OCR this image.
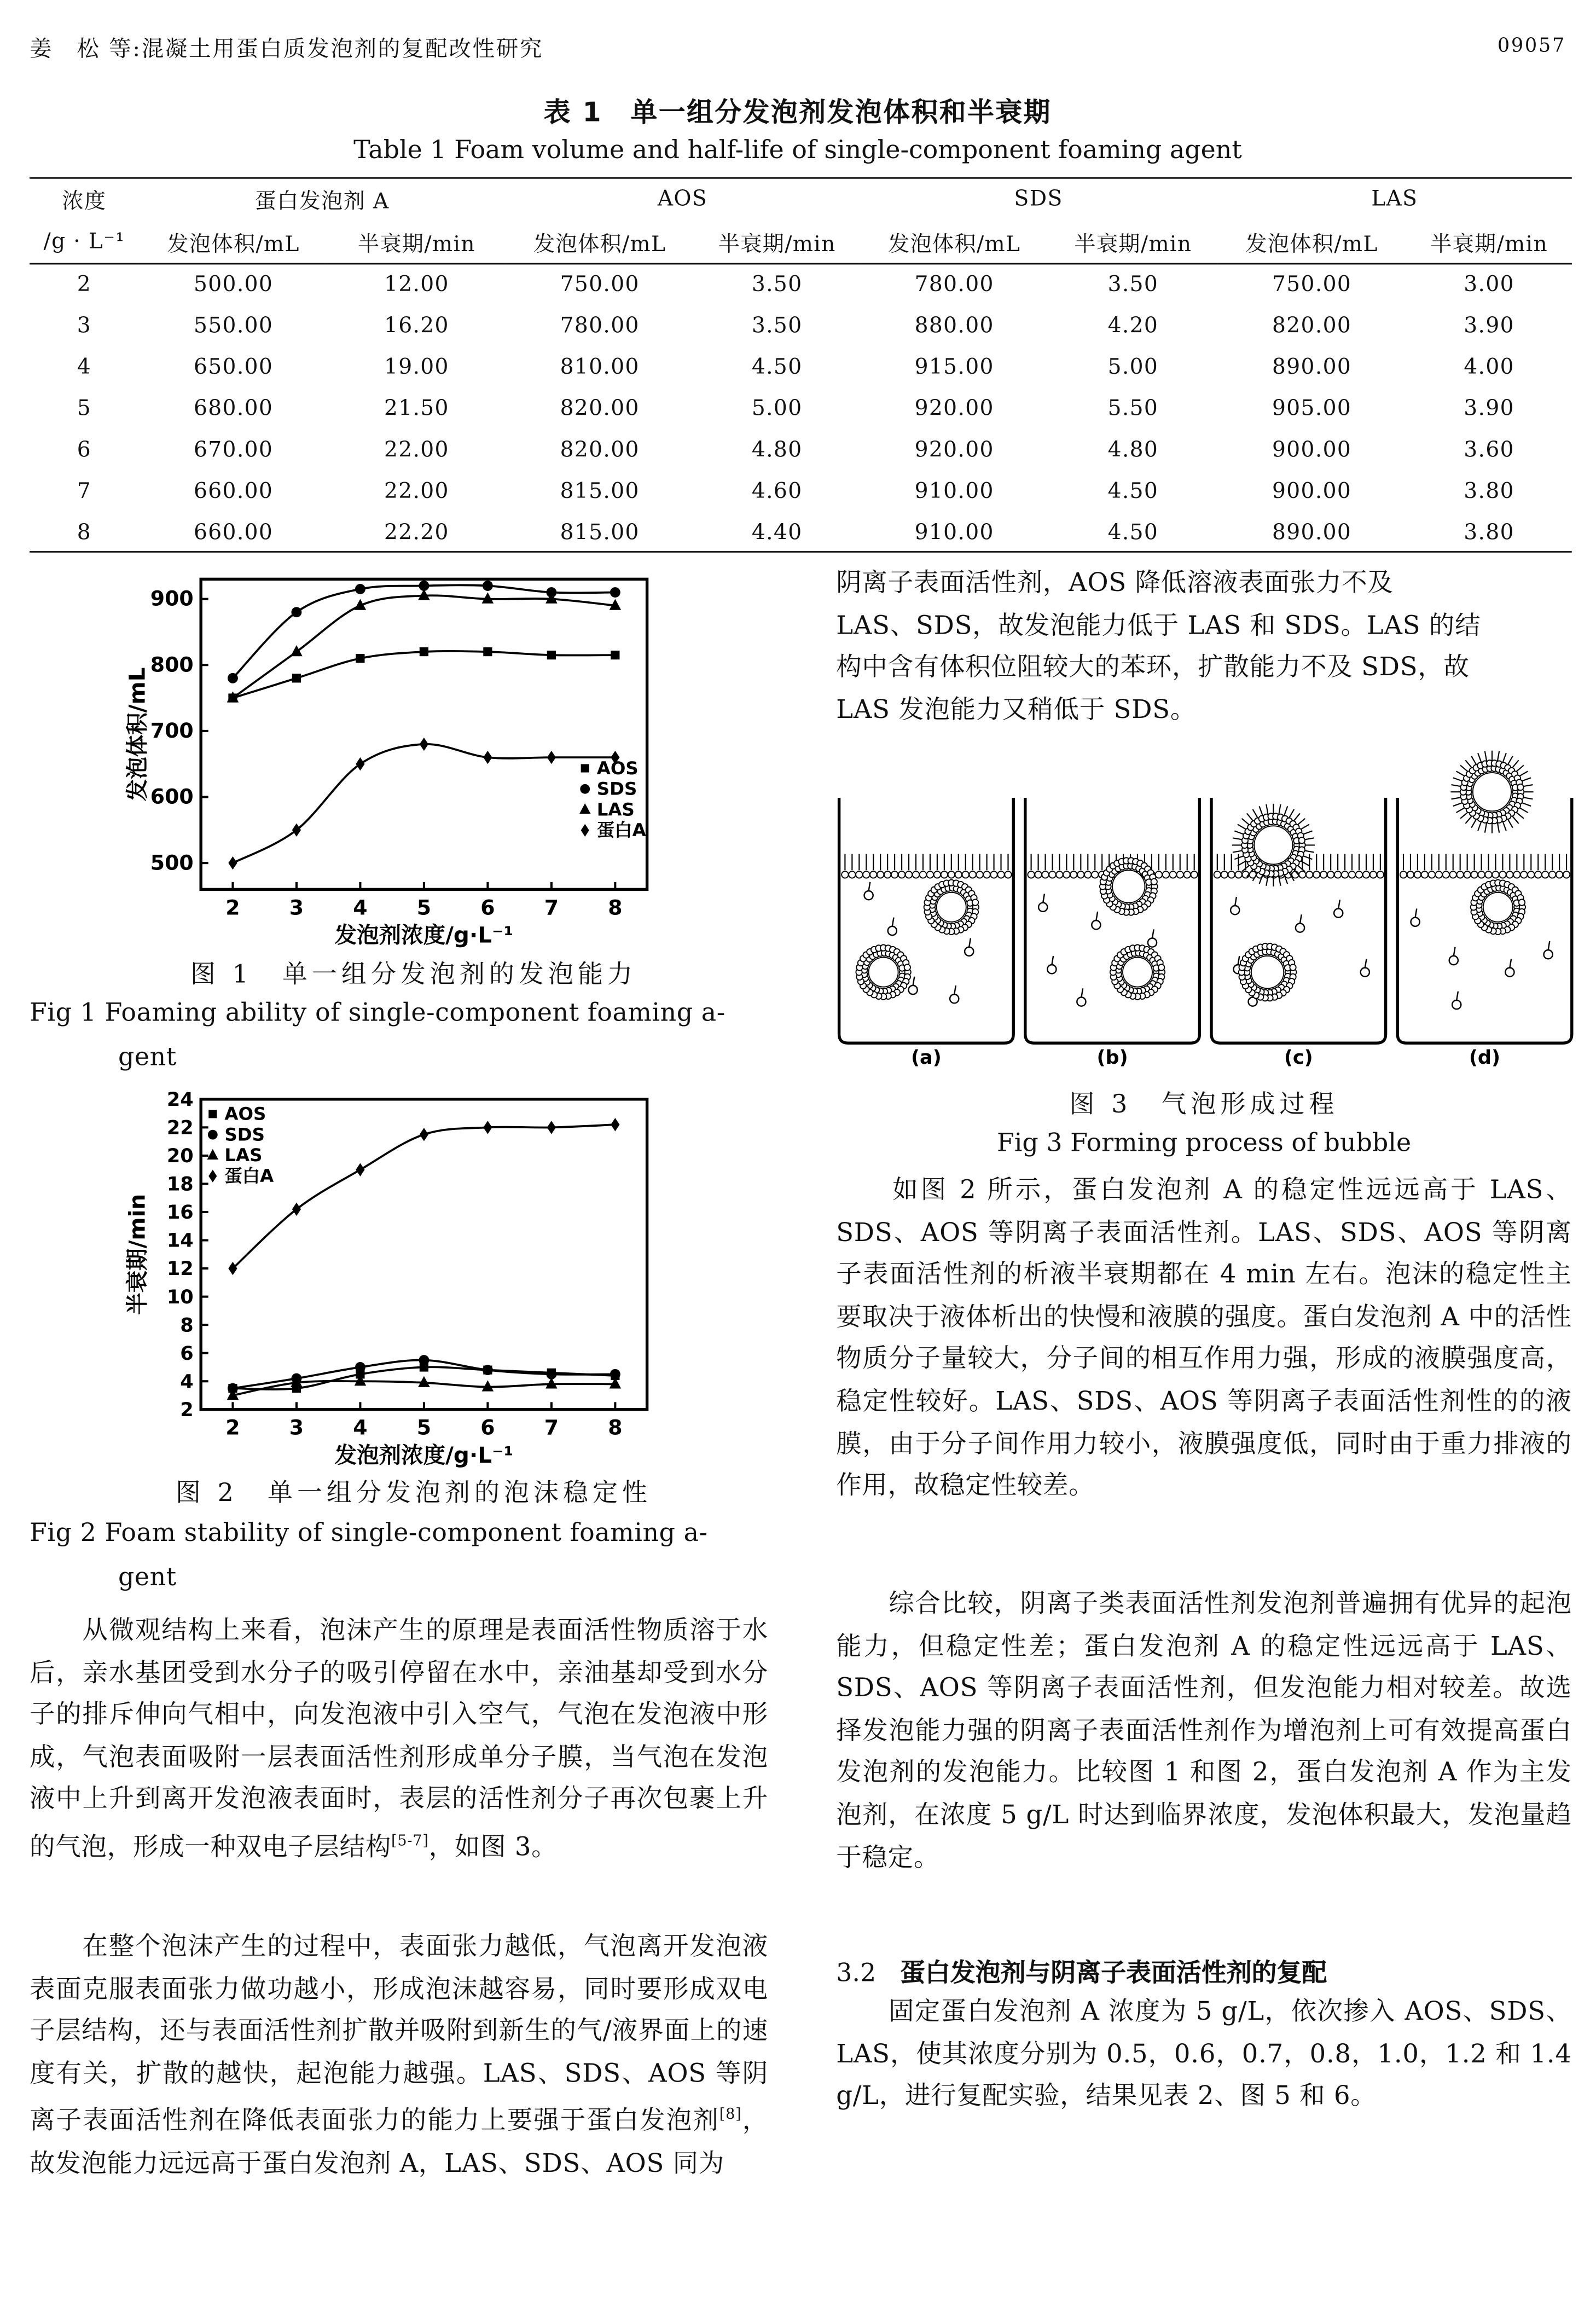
姜　松 等:混凝土用蛋白质发泡剂的复配改性研究	09057
表 1　单一组分发泡剂发泡体积和半衰期
Table 1 Foam volume and half-life of single-component foaming agent
浓度	蛋白发泡剂 A		AOS		SDS		LAS	
/g · L⁻¹	发泡体积/mL	半衰期/min	发泡体积/mL	半衰期/min	发泡体积/mL	半衰期/min	发泡体积/mL	半衰期/min
2	500.00	12.00	750.00	3.50	780.00	3.50	750.00	3.00
3	550.00	16.20	780.00	3.50	880.00	4.20	820.00	3.90
4	650.00	19.00	810.00	4.50	915.00	5.00	890.00	4.00
5	680.00	21.50	820.00	5.00	920.00	5.50	905.00	3.90
6	670.00	22.00	820.00	4.80	920.00	4.80	900.00	3.60
7	660.00	22.00	815.00	4.60	910.00	4.50	900.00	3.80
8	660.00	22.20	815.00	4.40	910.00	4.50	890.00	3.80
500
600
700
800
900
2	3	4	5	6	7	8
发泡剂浓度/g·L⁻¹
发泡体积/mL	AOS
SDS
LAS
蛋白A
图 1　单一组分发泡剂的发泡能力
Fig 1 Foaming ability of single-component foaming a-
gent
2
4
6
8
10
12
14
16
18
20
22
24
2	3	4	5	6	7	8
发泡剂浓度/g·L⁻¹
半衰期/min
AOS
SDS
LAS
蛋白A
图 2　单一组分发泡剂的泡沫稳定性
Fig 2 Foam stability of single-component foaming a-
gent
　　从微观结构上来看，泡沫产生的原理是表面活性物质溶于水后，亲水基团受到水分子的吸引停留在水中，亲油基却受到水分子的排斥伸向气相中，向发泡液中引入空气，气泡在发泡液中形成，气泡表面吸附一层表面活性剂形成单分子膜，当气泡在发泡液中上升到离开发泡液表面时，表层的活性剂分子再次包裹上升的气泡，形成一种双电子层结构[5-7]，如图 3。
　　在整个泡沫产生的过程中，表面张力越低，气泡离开发泡液表面克服表面张力做功越小，形成泡沫越容易，同时要形成双电子层结构，还与表面活性剂扩散并吸附到新生的气/液界面上的速度有关，扩散的越快，起泡能力越强。LAS、SDS、AOS 等阴离子表面活性剂在降低表面张力的能力上要强于蛋白发泡剂[8]，故发泡能力远远高于蛋白发泡剂 A，LAS、SDS、AOS 同为
阴离子表面活性剂，AOS 降低溶液表面张力不及
LAS、SDS，故发泡能力低于 LAS 和 SDS。LAS 的结
构中含有体积位阻较大的苯环，扩散能力不及 SDS，故
LAS 发泡能力又稍低于 SDS。
(a)	(b)	(c)	(d)
图 3　气泡形成过程
Fig 3 Forming process of bubble
　　如图 2 所示，蛋白发泡剂 A 的稳定性远远高于 LAS、SDS、AOS 等阴离子表面活性剂。LAS、SDS、AOS 等阴离子表面活性剂的析液半衰期都在 4 min 左右。泡沫的稳定性主要取决于液体析出的快慢和液膜的强度。蛋白发泡剂 A 中的活性物质分子量较大，分子间的相互作用力强，形成的液膜强度高，稳定性较好。LAS、SDS、AOS 等阴离子表面活性剂性的的液膜，由于分子间作用力较小，液膜强度低，同时由于重力排液的作用，故稳定性较差。
　　综合比较，阴离子类表面活性剂发泡剂普遍拥有优异的起泡能力，但稳定性差；蛋白发泡剂 A 的稳定性远远高于 LAS、SDS、AOS 等阴离子表面活性剂，但发泡能力相对较差。故选择发泡能力强的阴离子表面活性剂作为增泡剂上可有效提高蛋白发泡剂的发泡能力。比较图 1 和图 2，蛋白发泡剂 A 作为主发泡剂，在浓度 5 g/L 时达到临界浓度，发泡体积最大，发泡量趋于稳定。
3.2	蛋白发泡剂与阴离子表面活性剂的复配
　　固定蛋白发泡剂 A 浓度为 5 g/L，依次掺入 AOS、SDS、LAS，使其浓度分别为 0.5，0.6，0.7，0.8，1.0，1.2 和 1.4 g/L，进行复配实验，结果见表 2、图 5 和 6。
